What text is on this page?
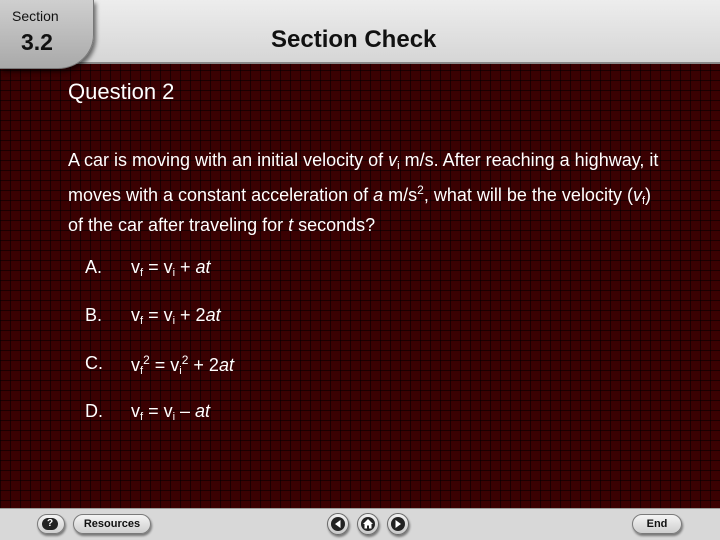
Section Check
Section
3.2
Question 2
A car is moving with an initial velocity of $v_i$ m/s. After reaching a highway, it moves with a constant acceleration of a $m/s^2$, what will be the velocity $(v_f)$ of the car after traveling for t seconds?
A. $v_f = v_i$ + at
B. $v_f = v_i + 2at$
C. $v_f^2 = v_i^2 + 2at$
D. $v_f = v_i$ – at
?	Resources	End
